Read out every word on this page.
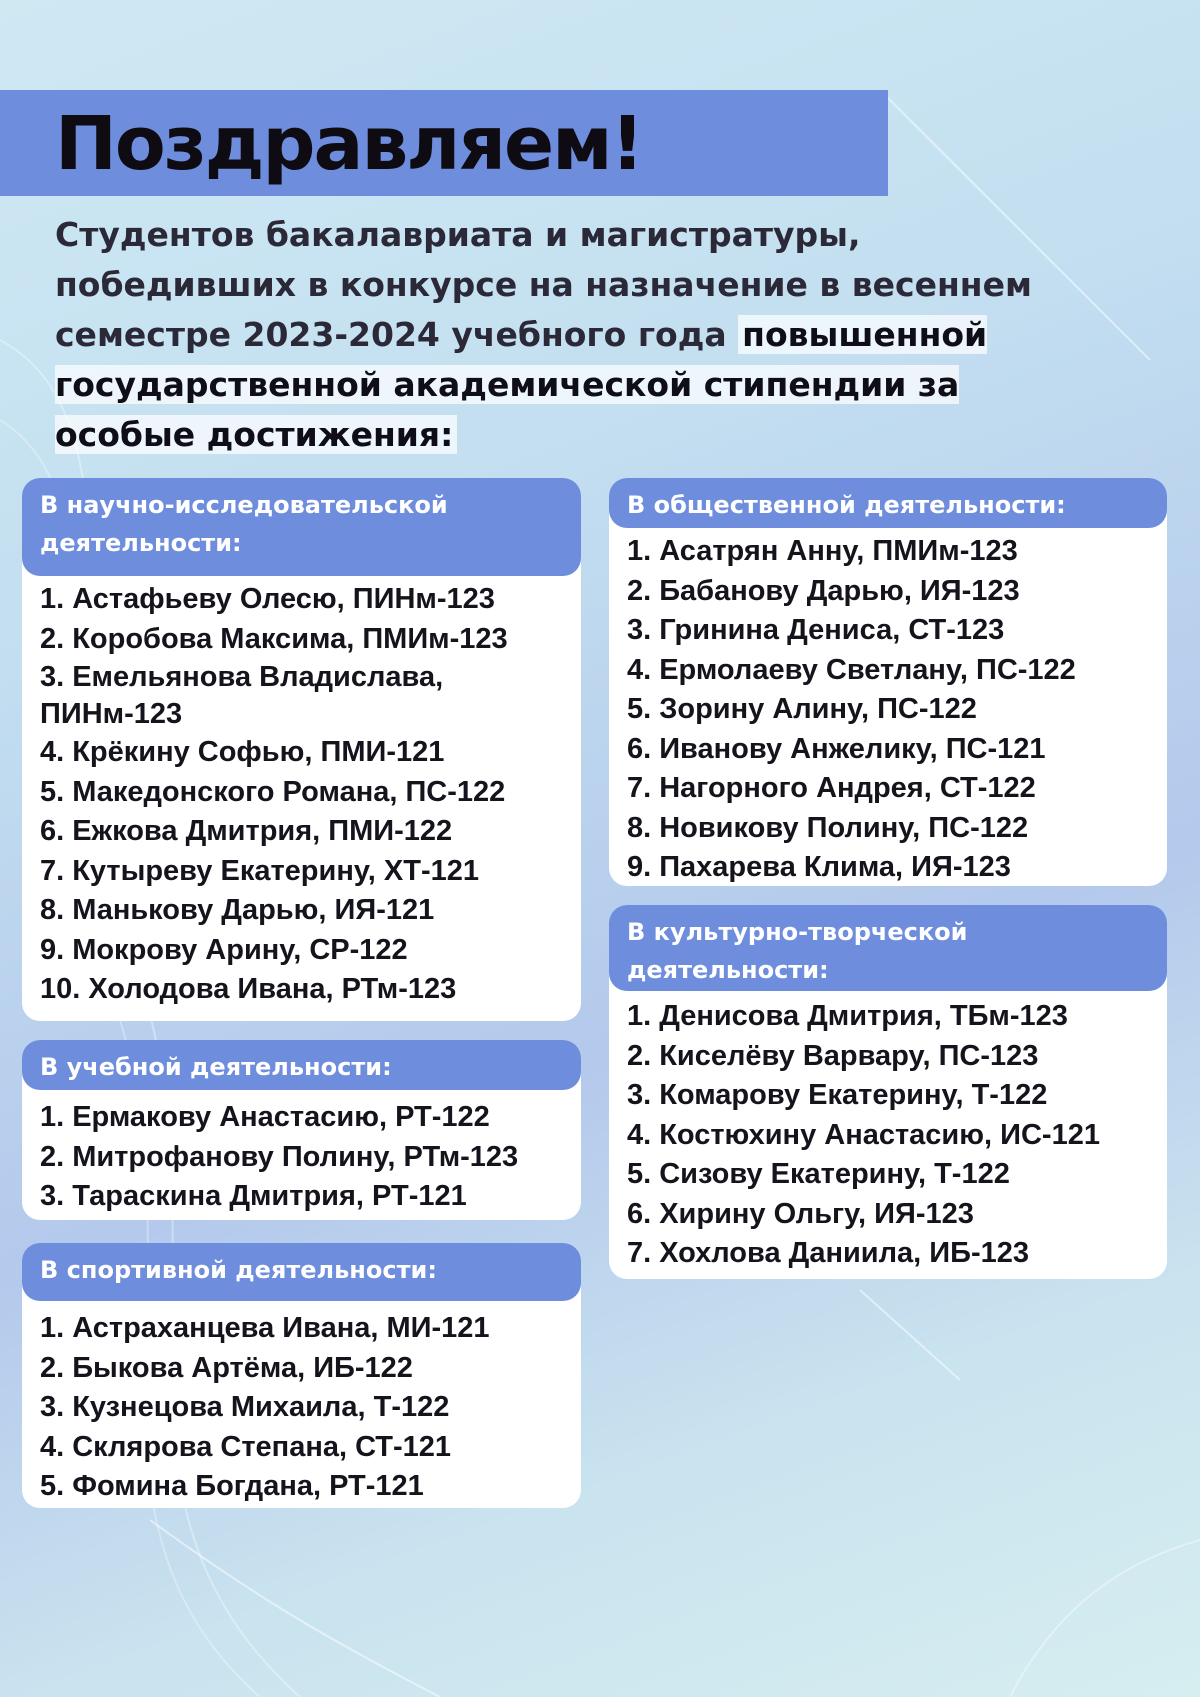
Поздравляем!
Студентов бакалавриата и магистратуры, победивших в конкурсе на назначение в весеннем семестре 2023-2024 учебного года повышенной государственной академической стипендии за особые достижения:
В научно-исследовательской деятельности:
1. Астафьеву Олесю, ПИНм-123
2. Коробова Максима, ПМИм-123
3. Емельянова Владислава, ПИНм-123
4. Крёкину Софью, ПМИ-121
5. Македонского Романа, ПС-122
6. Ежкова Дмитрия, ПМИ-122
7. Кутыреву Екатерину, ХТ-121
8. Манькову Дарью, ИЯ-121
9. Мокрову Арину, СР-122
10. Холодова Ивана, РТм-123
В учебной деятельности:
1. Ермакову Анастасию, РТ-122
2. Митрофанову Полину, РТм-123
3. Тараскина Дмитрия, РТ-121
В спортивной деятельности:
1. Астраханцева Ивана, МИ-121
2. Быкова Артёма, ИБ-122
3. Кузнецова Михаила, Т-122
4. Склярова Степана, СТ-121
5. Фомина Богдана, РТ-121
В общественной деятельности:
1. Асатрян Анну, ПМИм-123
2. Бабанову Дарью, ИЯ-123
3. Гринина Дениса, СТ-123
4. Ермолаеву Светлану, ПС-122
5. Зорину Алину, ПС-122
6. Иванову Анжелику, ПС-121
7. Нагорного Андрея, СТ-122
8. Новикову Полину, ПС-122
9. Пахарева Клима, ИЯ-123
В культурно-творческой деятельности:
1. Денисова Дмитрия, ТБм-123
2. Киселёву Варвару, ПС-123
3. Комарову Екатерину, Т-122
4. Костюхину Анастасию, ИС-121
5. Сизову Екатерину, Т-122
6. Хирину Ольгу, ИЯ-123
7. Хохлова Даниила, ИБ-123
